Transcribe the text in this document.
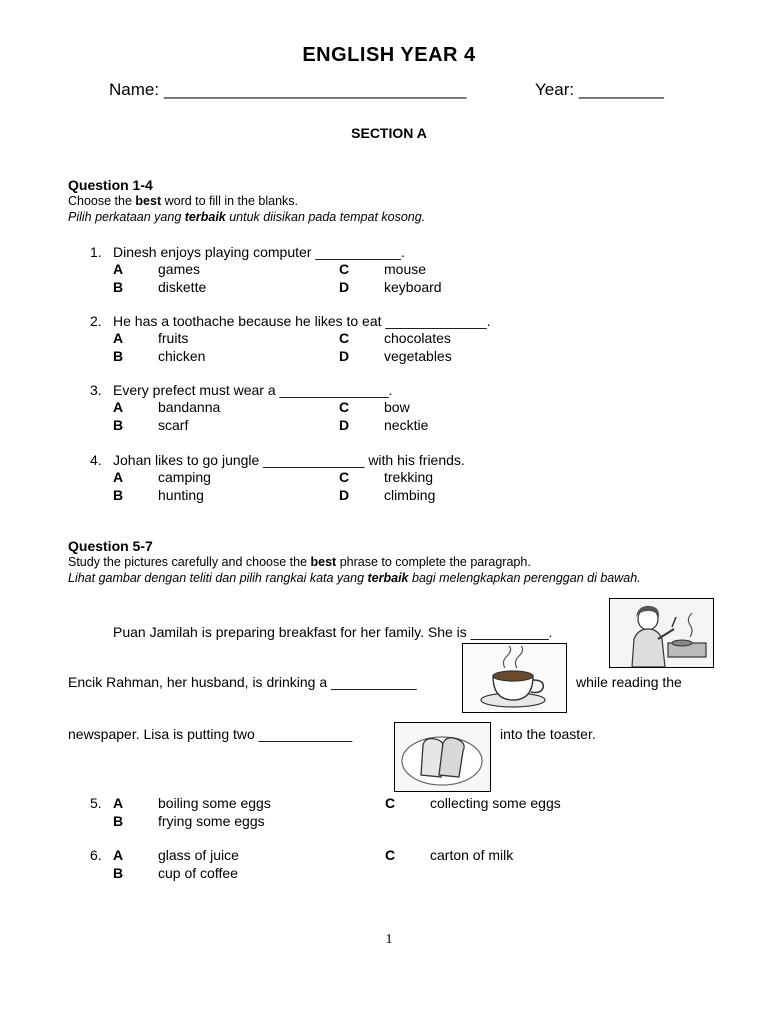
ENGLISH YEAR 4
Name: ________________________________	Year: _________
SECTION A
Question 1-4
Choose the best word to fill in the blanks.
Pilih perkataan yang terbaik untuk diisikan pada tempat kosong.
1. Dinesh enjoys playing computer ___________.
A games	C mouse
B diskette	D keyboard
2. He has a toothache because he likes to eat _____________.
A fruits	C chocolates
B chicken	D vegetables
3. Every prefect must wear a ______________.
A bandanna	C bow
B scarf	D necktie
4. Johan likes to go jungle _____________ with his friends.
A camping	C trekking
B hunting	D climbing
Question 5-7
Study the pictures carefully and choose the best phrase to complete the paragraph.
Lihat gambar dengan teliti dan pilih rangkai kata yang terbaik bagi melengkapkan perenggan di bawah.
Puan Jamilah is preparing breakfast for her family. She is __________.
Encik Rahman, her husband, is drinking a ___________	while reading the
newspaper. Lisa is putting two ____________	into the toaster.
5. A boiling some eggs	C collecting some eggs
B frying some eggs
6. A glass of juice	C carton of milk
B cup of coffee
1
